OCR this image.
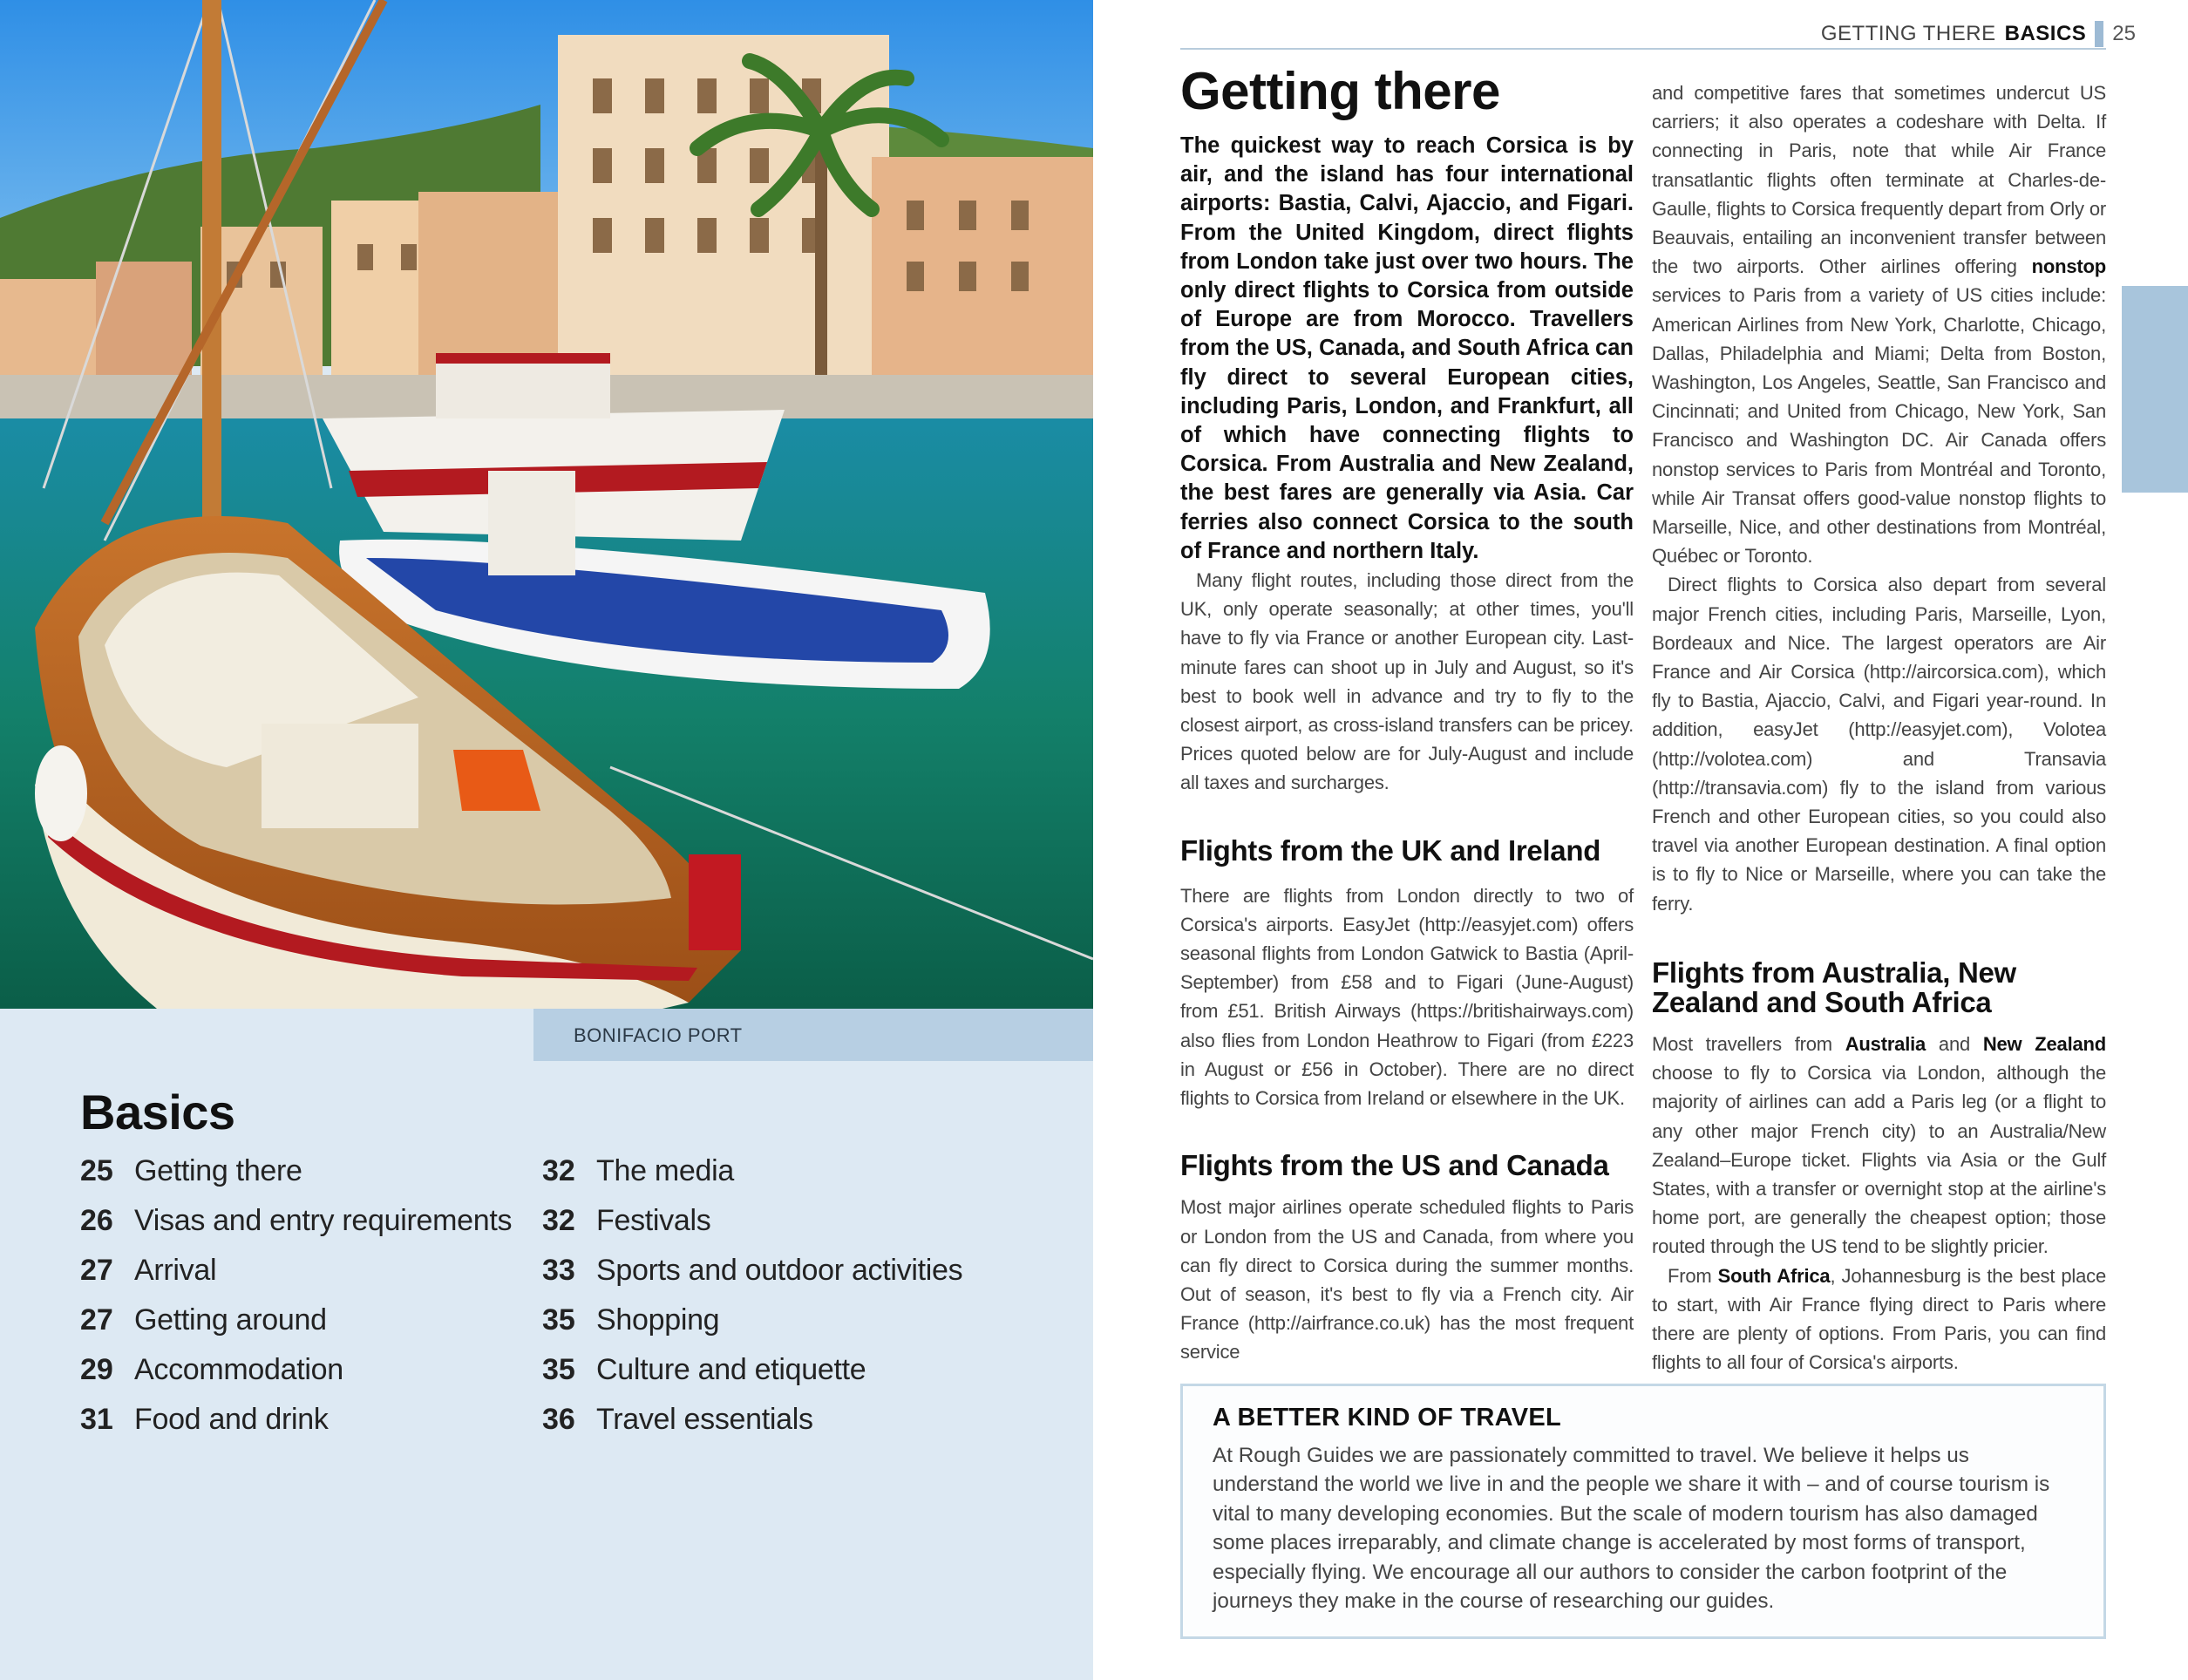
BONIFACIO PORT
Basics
25 Getting there
26 Visas and entry requirements
27 Arrival
27 Getting around
29 Accommodation
31 Food and drink
32 The media
32 Festivals
33 Sports and outdoor activities
35 Shopping
35 Culture and etiquette
36 Travel essentials
GETTING THERE BASICS 25
Getting there

The quickest way to reach Corsica is by air, and the island has four international airports: Bastia, Calvi, Ajaccio, and Figari. From the United Kingdom, direct flights from London take just over two hours. The only direct flights to Corsica from outside of Europe are from Morocco. Travellers from the US, Canada, and South Africa can fly direct to several European cities, including Paris, London, and Frankfurt, all of which have connecting flights to Corsica. From Australia and New Zealand, the best fares are generally via Asia. Car ferries also connect Corsica to the south of France and northern Italy.

Many flight routes, including those direct from the UK, only operate seasonally; at other times, you'll have to fly via France or another European city. Last-minute fares can shoot up in July and August, so it's best to book well in advance and try to fly to the closest airport, as cross-island transfers can be pricey. Prices quoted below are for July-August and include all taxes and surcharges.

Flights from the UK and Ireland

There are flights from London directly to two of Corsica's airports. EasyJet (http://easyjet.com) offers seasonal flights from London Gatwick to Bastia (April-September) from £58 and to Figari (June-August) from £51. British Airways (https://britishairways.com) also flies from London Heathrow to Figari (from £223 in August or £56 in October). There are no direct flights to Corsica from Ireland or elsewhere in the UK.

Flights from the US and Canada

Most major airlines operate scheduled flights to Paris or London from the US and Canada, from where you can fly direct to Corsica during the summer months. Out of season, it's best to fly via a French city. Air France (http://airfrance.co.uk) has the most frequent service

and competitive fares that sometimes undercut US carriers; it also operates a codeshare with Delta. If connecting in Paris, note that while Air France transatlantic flights often terminate at Charles-de-Gaulle, flights to Corsica frequently depart from Orly or Beauvais, entailing an inconvenient transfer between the two airports. Other airlines offering nonstop services to Paris from a variety of US cities include: American Airlines from New York, Charlotte, Chicago, Dallas, Philadelphia and Miami; Delta from Boston, Washington, Los Angeles, Seattle, San Francisco and Cincinnati; and United from Chicago, New York, San Francisco and Washington DC. Air Canada offers nonstop services to Paris from Montréal and Toronto, while Air Transat offers good-value nonstop flights to Marseille, Nice, and other destinations from Montréal, Québec or Toronto.

Direct flights to Corsica also depart from several major French cities, including Paris, Marseille, Lyon, Bordeaux and Nice. The largest operators are Air France and Air Corsica (http://aircorsica.com), which fly to Bastia, Ajaccio, Calvi, and Figari year-round. In addition, easyJet (http://easyjet.com), Volotea (http://volotea.com) and Transavia (http://transavia.com) fly to the island from various French and other European cities, so you could also travel via another European destination. A final option is to fly to Nice or Marseille, where you can take the ferry.

Flights from Australia, New Zealand and South Africa

Most travellers from Australia and New Zealand choose to fly to Corsica via London, although the majority of airlines can add a Paris leg (or a flight to any other major French city) to an Australia/New Zealand–Europe ticket. Flights via Asia or the Gulf States, with a transfer or overnight stop at the airline's home port, are generally the cheapest option; those routed through the US tend to be slightly pricier.

From South Africa, Johannesburg is the best place to start, with Air France flying direct to Paris where there are plenty of options. From Paris, you can find flights to all four of Corsica's airports.

A BETTER KIND OF TRAVEL

At Rough Guides we are passionately committed to travel. We believe it helps us understand the world we live in and the people we share it with – and of course tourism is vital to many developing economies. But the scale of modern tourism has also damaged some places irreparably, and climate change is accelerated by most forms of transport, especially flying. We encourage all our authors to consider the carbon footprint of the journeys they make in the course of researching our guides.
